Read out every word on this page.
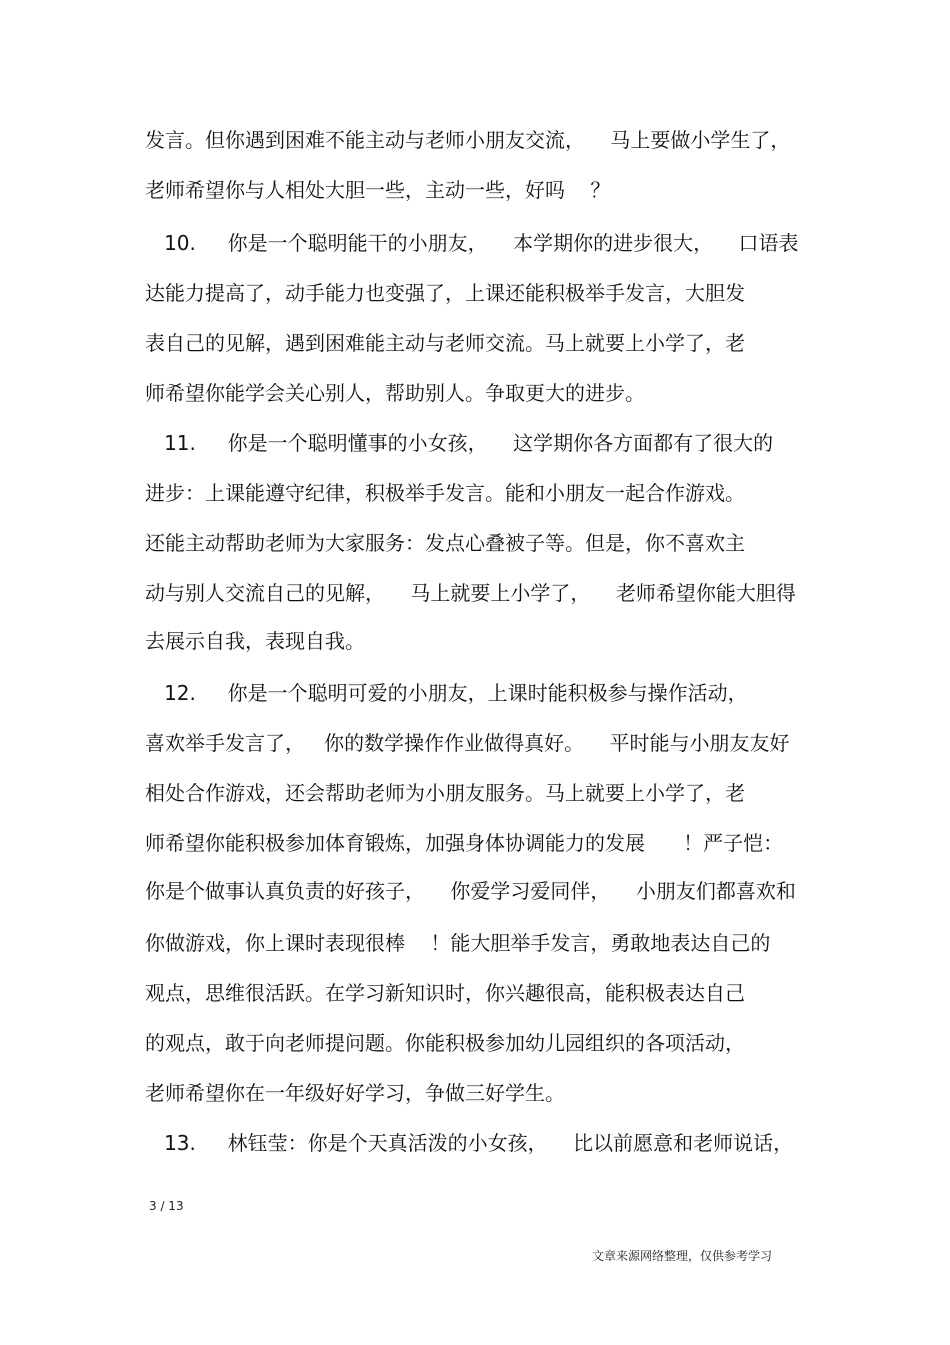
发言。但你遇到困难不能主动与老师小朋友交流，    马上要做小学生了，
老师希望你与人相处大胆一些，主动一些，好吗    ？
10.     你是一个聪明能干的小朋友，    本学期你的进步很大，    口语表
达能力提高了，动手能力也变强了，上课还能积极举手发言，大胆发
表自己的见解，遇到困难能主动与老师交流。马上就要上小学了，老
师希望你能学会关心别人，帮助别人。争取更大的进步。
11.     你是一个聪明懂事的小女孩，    这学期你各方面都有了很大的
进步：上课能遵守纪律，积极举手发言。能和小朋友一起合作游戏。
还能主动帮助老师为大家服务：发点心叠被子等。但是，你不喜欢主
动与别人交流自己的见解，    马上就要上小学了，    老师希望你能大胆得
去展示自我，表现自我。
12.     你是一个聪明可爱的小朋友，上课时能积极参与操作活动，
喜欢举手发言了，   你的数学操作作业做得真好。    平时能与小朋友友好
相处合作游戏，还会帮助老师为小朋友服务。马上就要上小学了，老
师希望你能积极参加体育锻炼，加强身体协调能力的发展      ！严子恺：
你是个做事认真负责的好孩子，    你爱学习爱同伴，    小朋友们都喜欢和
你做游戏，你上课时表现很棒    ！能大胆举手发言，勇敢地表达自己的
观点，思维很活跃。在学习新知识时，你兴趣很高，能积极表达自己
的观点，敢于向老师提问题。你能积极参加幼儿园组织的各项活动，
老师希望你在一年级好好学习，争做三好学生。
13.     林钰莹：你是个天真活泼的小女孩，    比以前愿意和老师说话，
3 / 13
文章来源网络整理，仅供参考学习
